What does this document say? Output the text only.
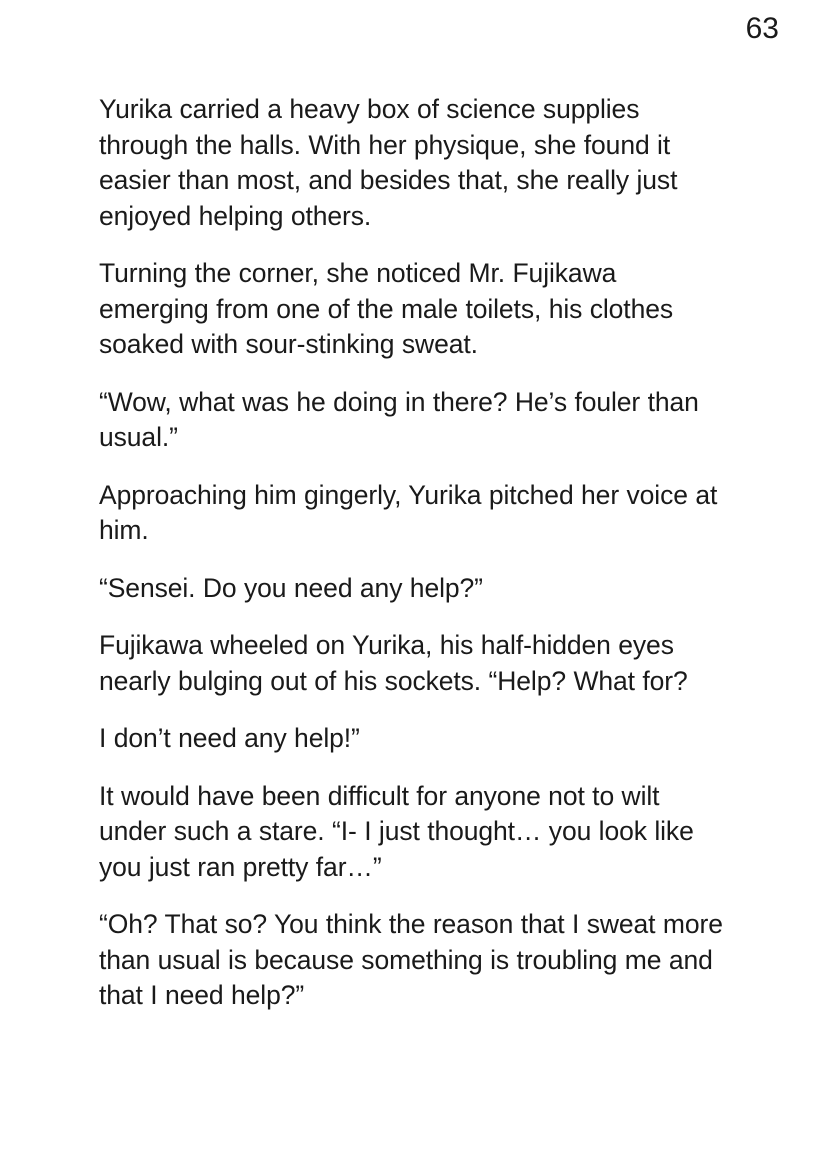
63

Yurika carried a heavy box of science supplies through the halls. With her physique, she found it easier than most, and besides that, she really just enjoyed helping others.

Turning the corner, she noticed Mr. Fujikawa emerging from one of the male toilets, his clothes soaked with sour-stinking sweat.

“Wow, what was he doing in there? He’s fouler than usual.”

Approaching him gingerly, Yurika pitched her voice at him.

“Sensei. Do you need any help?”

Fujikawa wheeled on Yurika, his half-hidden eyes nearly bulging out of his sockets. “Help? What for?

I don’t need any help!”

It would have been difficult for anyone not to wilt under such a stare. “I- I just thought… you look like you just ran pretty far…”

“Oh? That so? You think the reason that I sweat more than usual is because something is troubling me and that I need help?”
